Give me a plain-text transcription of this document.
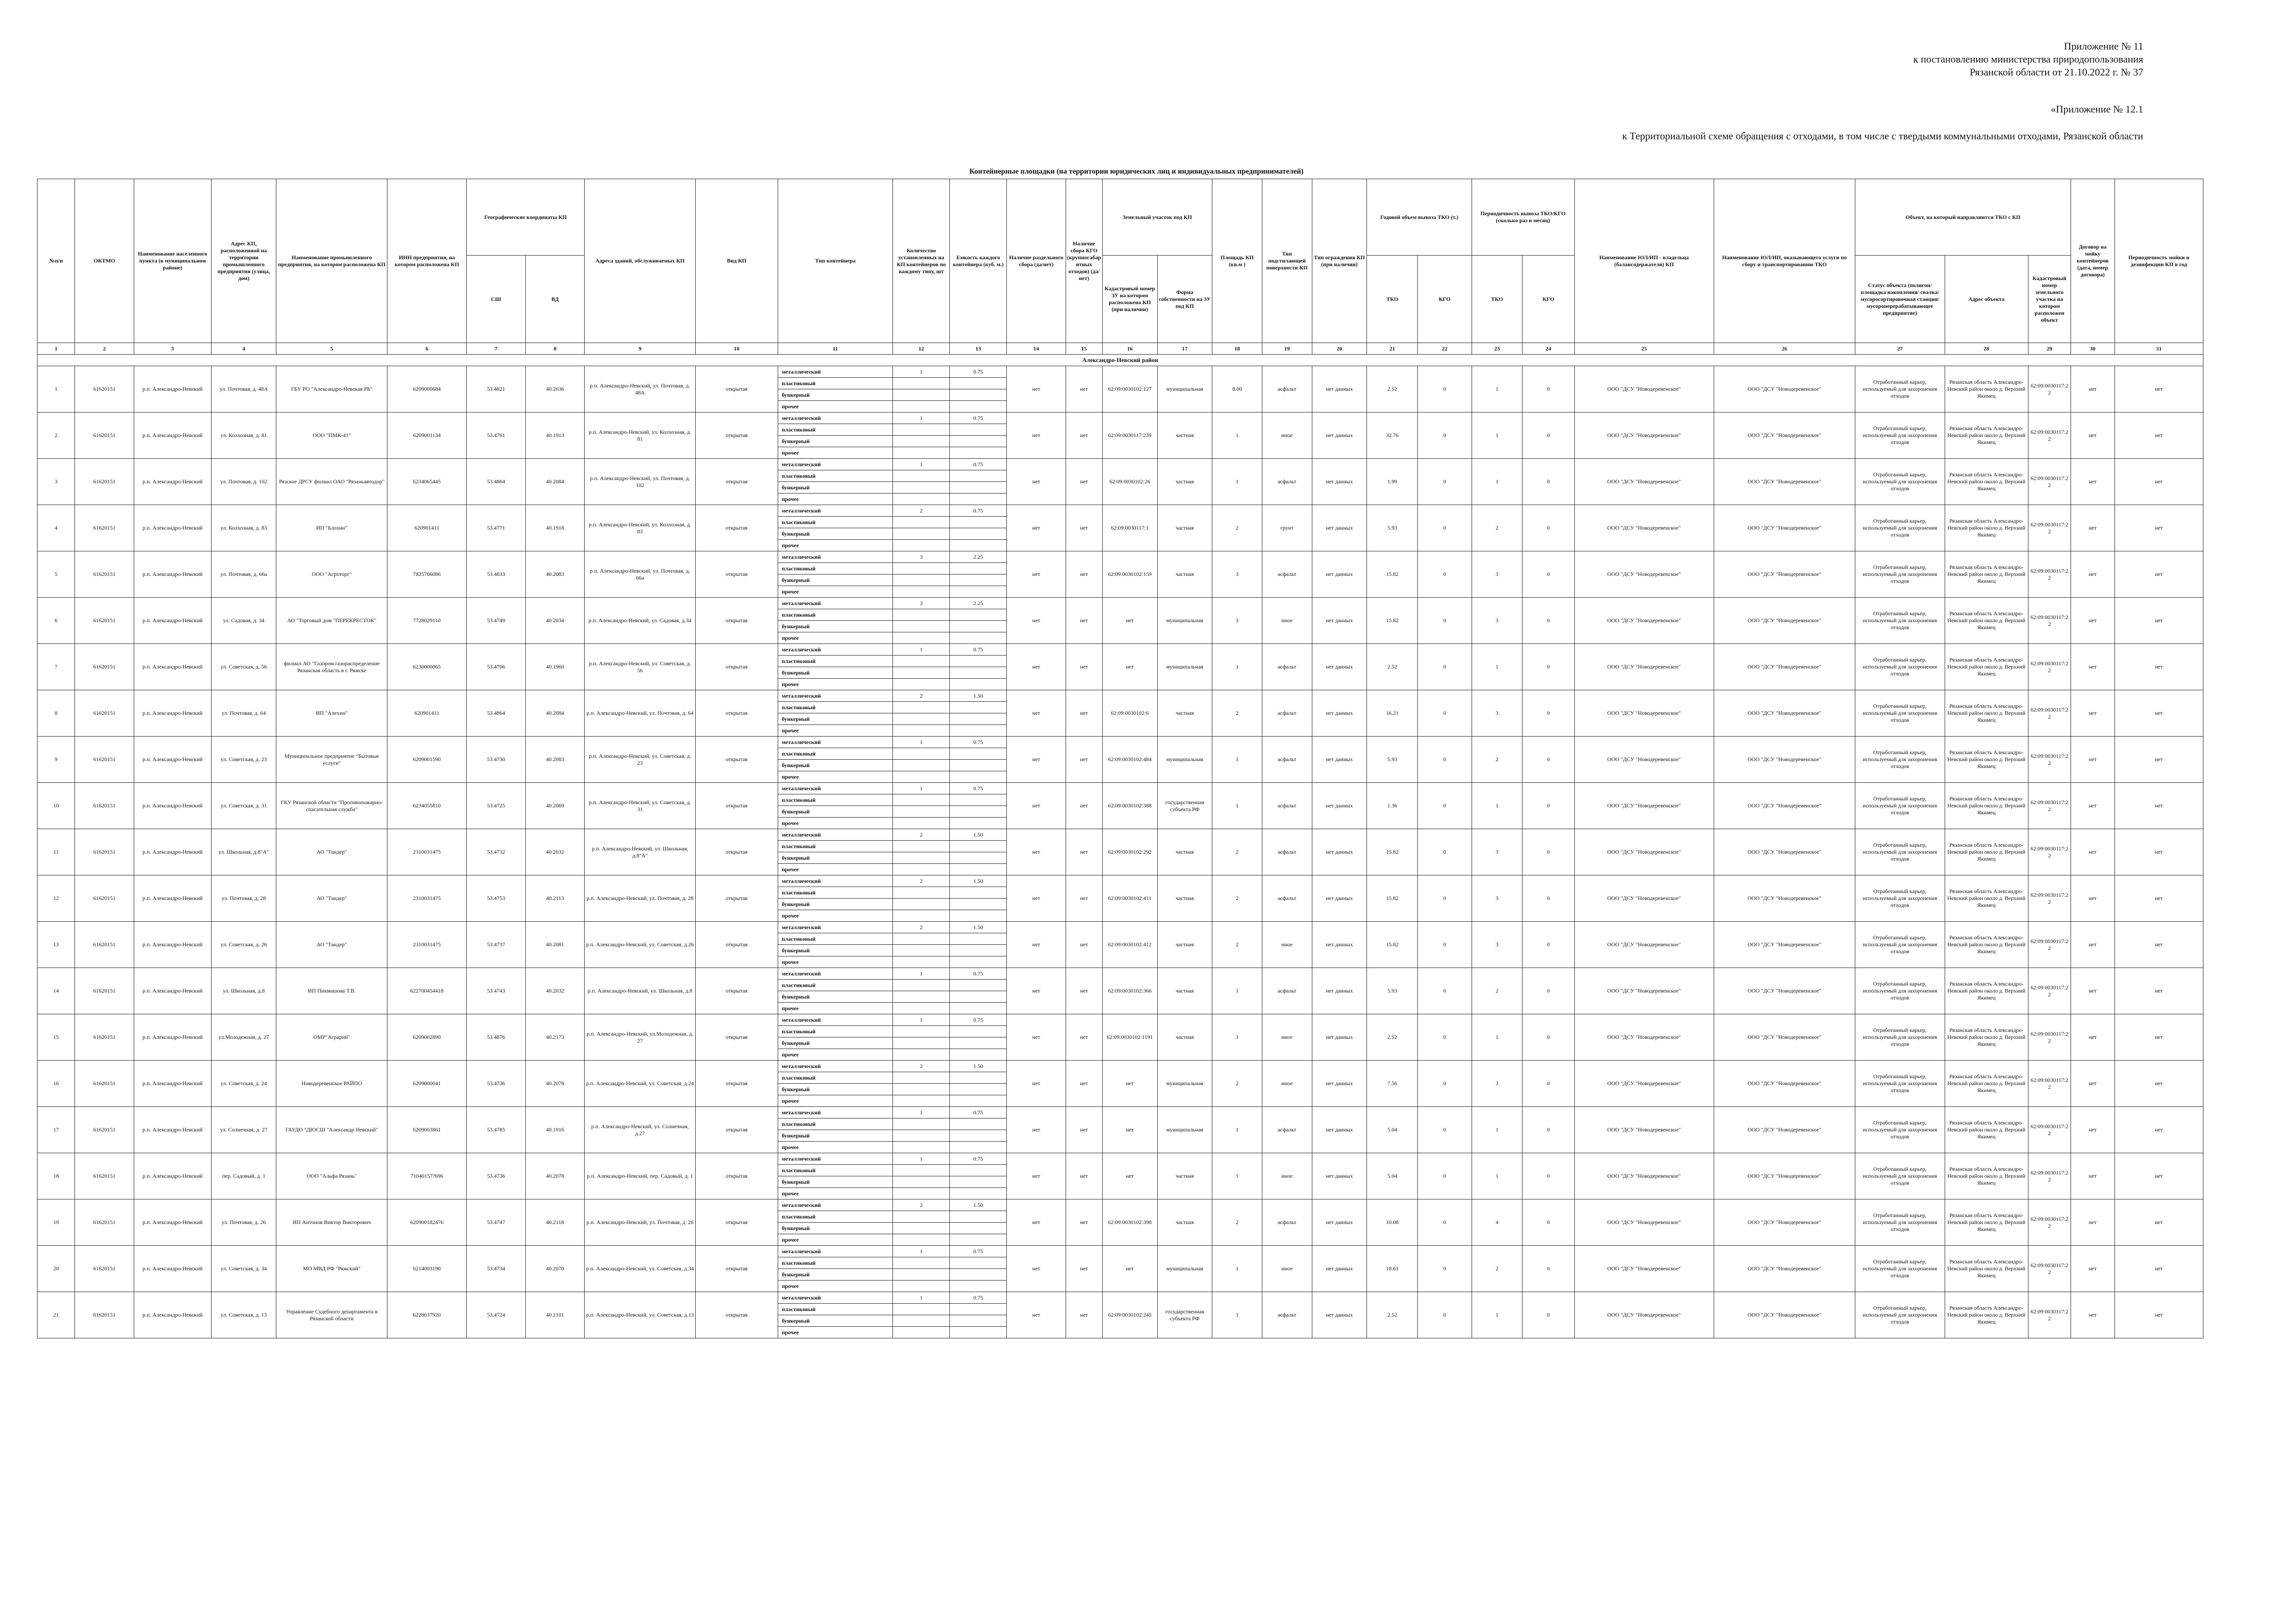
Приложение № 11
к постановлению министерства природопользования
Рязанской области от 21.10.2022 г. № 37
«Приложение № 12.1
к Территориальной схеме обращения с отходами, в том числе с твердыми коммунальными отходами, Рязанской области
Контейнерные площадки (на территории юридических лиц и индивидуальных предпринимателей)
№п/п	ОКТМО	Наименование населенного пункта (в муниципальном районе)	Адрес КП, расположенной на территории промышленного предприятия (улица, дом)	Наименование промышленного предприятия, на котором расположена КП	ИНН предприятия, на котором расположена КП	Географические координаты КП		Адреса зданий, обслуживаемых КП	Вид КП	Тип контейнера	Количество установленных на КП контейнеров по каждому типу, шт	Емкость каждого контейнера (куб. м.)	Наличие раздельного сбора (да/нет)	Наличие сбора КГО (крупногабаритных отходов) (да/нет)	Земельный участок под КП		Площадь КП (кв.м )	Тип подстилающей поверхности КП	Тип ограждения КП (при наличии)	Годовой объем вывоза ТКО (т.)		Периодичность вывоза ТКО/КГО (сколько раз в месяц)		Наименование ЮЛ/ИП - владельца (балансодержателя) КП	Наименование ЮЛ/ИП, оказывающего услуги по сбору и транспортированию ТКО	Объект, на который направляются ТКО с КП			Договор на мойку контейнеров (дата, номер договора)	Периодичность мойки и дезинфекции КП в год
						СШ	ВД								Кадастровый номер ЗУ на котором расположена КП (при наличии)	Форма собственности на ЗУ под КП				ТКО	КГО	ТКО	КГО			Статус объекта (полигон/ площадка накопления/ свалка/ мусоросортировочная станция/ мусороперерабатывающее предприятие)	Адрес объекта	Кадастровый номер земельного участка на котором расположен объект		
1	2	3	4	5	6	7	8	9	10	11	12	13	14	15	16	17	18	19	20	21	22	23	24	25	26	27	28	29	30	31
Александро-Невский район																														
1	61620151	р.п. Александро-Невский	ул. Почтовая, д. 48А	ГБУ РО "Александро-Невская РБ"	6209000684	53.4821	40.2036	р.п. Александро-Невский, ул. Почтовая, д. 48А	открытая	металлический	1	0.75	нет	нет	62:09:0030102:127	муниципальная	8.00	асфальт	нет данных	2.52	0	1	0	ООО "ДСУ "Новодеревенское"	ООО "ДСУ "Новодеревенское"	Отработанный карьер, используемый для захоронения отходов	Рязанская область Александро-Невский район около д. Верхний Якимец	62:09:0030117:22	нет	нет
										пластиковый																				
										бункерный																				
										прочее																				
2	61620151	р.п. Александро-Невский	ул. Колхозная, д. 81	ООО "ПМК-41"	6209001134	53.4761	40.1913	р.п. Александро-Невский, ул. Колхозная, д. 81	открытая	металлический	1	0.75	нет	нет	62:09:0030117:239	частная	1	иное	нет данных	32.76	0	1	0	ООО "ДСУ "Новодеревенское"	ООО "ДСУ "Новодеревенское"	Отработанный карьер, используемый для захоронения отходов	Рязанская область Александро-Невский район около д. Верхний Якимец	62:09:0030117:22	нет	нет
										пластиковый																				
										бункерный																				
										прочее																				
3	61620151	р.п. Александро-Невский	ул. Почтовая, д. 102	Рязское ДРСУ филиал ОАО "Рязаньавтодор"	6234065445	53.4864	40.2084	р.п. Александро-Невский, ул. Почтовая, д. 102	открытая	металлический	1	0.75	нет	нет	62:09:0030102:26	частная	1	асфальт	нет данных	1.99	0	1	0	ООО "ДСУ "Новодеревенское"	ООО "ДСУ "Новодеревенское"	Отработанный карьер, используемый для захоронения отходов	Рязанская область Александро-Невский район около д. Верхний Якимец	62:09:0030117:22	нет	нет
										пластиковый																				
										бункерный																				
										прочее																				
4	61620151	р.п. Александро-Невский	ул. Колхозная, д. 83	ИП "Блохин"	620901411	53.4771	40.1918	р.п. Александро-Невский, ул. Колхозная, д. 83	открытая	металлический	2	0.75	нет	нет	62:09:0030117:1	частная	2	грунт	нет данных	5.93	0	2	0	ООО "ДСУ "Новодеревенское"	ООО "ДСУ "Новодеревенское"	Отработанный карьер, используемый для захоронения отходов	Рязанская область Александро-Невский район около д. Верхний Якимец	62:09:0030117:22	нет	нет
										пластиковый																				
										бункерный																				
										прочее																				
5	61620151	р.п. Александро-Невский	ул. Почтовая, д. 66а	ООО "Агроторг"	7825706086	53.4833	40.2083	р.п. Александро-Невский, ул. Почтовая, д. 66а	открытая	металлический	3	2.25	нет	нет	62:09:0030102:159	частная	3	асфальт	нет данных	15.82	0	3	0	ООО "ДСУ "Новодеревенское"	ООО "ДСУ "Новодеревенское"	Отработанный карьер, используемый для захоронения отходов	Рязанская область Александро-Невский район около д. Верхний Якимец	62:09:0030117:22	нет	нет
										пластиковый																				
										бункерный																				
										прочее																				
6	61620151	р.п. Александро-Невский	ул. Садовая, д. 34	АО "Торговый дом "ПЕРЕКРЕСТОК"	7728029110	53.4749	40.2034	р.п. Александро-Невский, ул. Садовая, д.34	открытая	металлический	3	2.25	нет	нет	нет	муниципальная	3	иное	нет данных	15.82	0	3	0	ООО "ДСУ "Новодеревенское"	ООО "ДСУ "Новодеревенское"	Отработанный карьер, используемый для захоронения отходов	Рязанская область Александро-Невский район около д. Верхний Якимец	62:09:0030117:22	нет	нет
										пластиковый																				
										бункерный																				
										прочее																				
7	61620151	р.п. Александро-Невский	ул. Советская, д. 56	филиал АО "Газпром газораспределение Рязанская область в г. Ряжске	6230000065	53.4706	40.1960	р.п. Александро-Невский, ул. Советская, д. 56	открытая	металлический	1	0.75	нет	нет	нет	муниципальная	1	асфальт	нет данных	2.52	0	1	0	ООО "ДСУ "Новодеревенское"	ООО "ДСУ "Новодеревенское"	Отработанный карьер, используемый для захоронения отходов	Рязанская область Александро-Невский район около д. Верхний Якимец	62:09:0030117:22	нет	нет
										пластиковый																				
										бункерный																				
										прочее																				
8	61620151	р.п. Александро-Невский	ул. Почтовая, д. 64	ИП "Алехин"	620901411	53.4864	40.2084	р.п. Александро-Невский, ул. Почтовая, д. 64	открытая	металлический	2	1.50	нет	нет	62:09:0030102:6	частная	2	асфальт	нет данных	16.21	0	3	0	ООО "ДСУ "Новодеревенское"	ООО "ДСУ "Новодеревенское"	Отработанный карьер, используемый для захоронения отходов	Рязанская область Александро-Невский район около д. Верхний Якимец	62:09:0030117:22	нет	нет
										пластиковый																				
										бункерный																				
										прочее																				
9	61620151	р.п. Александро-Невский	ул. Советская, д. 23	Муниципальное предприятие "Бытовые услуги"	6209001590	53.4730	40.2083	р.п. Александро-Невский, ул. Советская, д. 23	открытая	металлический	1	0.75	нет	нет	62:09:0030102:484	муниципальная	1	асфальт	нет данных	5.93	0	2	0	ООО "ДСУ "Новодеревенское"	ООО "ДСУ "Новодеревенское"	Отработанный карьер, используемый для захоронения отходов	Рязанская область Александро-Невский район около д. Верхний Якимец	62:09:0030117:22	нет	нет
										пластиковый																				
										бункерный																				
										прочее																				
10	61620151	р.п. Александро-Невский	ул. Советская, д. 31	ГКУ Рязанской области "Противопожарно-спасательная служба"	6234055810	53.4725	40.2069	р.п. Александро-Невский, ул. Советская, д. 31	открытая	металлический	1	0.75	нет	нет	62:09:0030102:388	государственная субъекта РФ	1	асфальт	нет данных	1.36	0	1	0	ООО "ДСУ "Новодеревенское"	ООО "ДСУ "Новодеревенское"	Отработанный карьер, используемый для захоронения отходов	Рязанская область Александро-Невский район около д. Верхний Якимец	62:09:0030117:22	нет	нет
										пластиковый																				
										бункерный																				
										прочее																				
11	61620151	р.п. Александро-Невский	ул. Школьная, д.8"А"	АО "Тандер"	2310031475	53.4732	40.2032	р.п. Александро-Невский, ул. Школьная, д.8"А"	открытая	металлический	2	1.50	нет	нет	62:09:0030102:292	частная	2	асфальт	нет данных	15.82	0	3	0	ООО "ДСУ "Новодеревенское"	ООО "ДСУ "Новодеревенское"	Отработанный карьер, используемый для захоронения отходов	Рязанская область Александро-Невский район около д. Верхний Якимец	62:09:0030117:22	нет	нет
										пластиковый																				
										бункерный																				
										прочее																				
12	61620151	р.п. Александро-Невский	ул. Почтовая, д. 28	АО "Тандер"	2310031475	53.4753	40.2113	р.п. Александро-Невский, ул. Почтовая, д. 28	открытая	металлический	2	1.50	нет	нет	62:09:0030102:411	частная	2	асфальт	нет данных	15.82	0	3	0	ООО "ДСУ "Новодеревенское"	ООО "ДСУ "Новодеревенское"	Отработанный карьер, используемый для захоронения отходов	Рязанская область Александро-Невский район около д. Верхний Якимец	62:09:0030117:22	нет	нет
										пластиковый																				
										бункерный																				
										прочее																				
13	61620151	р.п. Александро-Невский	ул. Советская, д. 26	АО "Тандер"	2310031475	53.4737	40.2081	р.п. Александро-Невский, ул. Советская, д.26	открытая	металлический	2	1.50	нет	нет	62:09:0030102:412	частная	2	иное	нет данных	15.82	0	3	0	ООО "ДСУ "Новодеревенское"	ООО "ДСУ "Новодеревенское"	Отработанный карьер, используемый для захоронения отходов	Рязанская область Александро-Невский район около д. Верхний Якимец	62:09:0030117:22	нет	нет
										пластиковый																				
										бункерный																				
										прочее																				
14	61620151	р.п. Александро-Невский	ул. Школьная, д.8	ИП Пикмашова Т.В.	622700454418	53.4743	40.2032	р.п. Александро-Невский, ул. Школьная, д.8	открытая	металлический	1	0.75	нет	нет	62:09:0030102:366	частная	1	асфальт	нет данных	5.93	0	2	0	ООО "ДСУ "Новодеревенское"	ООО "ДСУ "Новодеревенское"	Отработанный карьер, используемый для захоронения отходов	Рязанская область Александро-Невский район около д. Верхний Якимец	62:09:0030117:22	нет	нет
										пластиковый																				
										бункерный																				
										прочее																				
15	61620151	р.п. Александро-Невский	ул.Молодежная, д. 27	ОМР"Аграрий"	6209002890	53.4876	40.2173	р.п. Александро-Невский, ул.Молодежная, д. 27	открытая	металлический	1	0.75	нет	нет	62:09:0030102:1191	частная	1	иное	нет данных	2.52	0	1	0	ООО "ДСУ "Новодеревенское"	ООО "ДСУ "Новодеревенское"	Отработанный карьер, используемый для захоронения отходов	Рязанская область Александро-Невский район около д. Верхний Якимец	62:09:0030117:22	нет	нет
										пластиковый																				
										бункерный																				
										прочее																				
16	61620151	р.п. Александро-Невский	ул. Советская, д. 24	Новодеревенское РАЙПО	6209000041	53.4736	40.2078	р.п. Александро-Невский, ул. Советская, д.24	открытая	металлический	2	1.50	нет	нет	нет	муниципальная	2	иное	нет данных	7.56	0	3	0	ООО "ДСУ "Новодеревенское"	ООО "ДСУ "Новодеревенское"	Отработанный карьер, используемый для захоронения отходов	Рязанская область Александро-Невский район около д. Верхний Якимец	62:09:0030117:22	нет	нет
										пластиковый																				
										бункерный																				
										прочее																				
17	61620151	р.п. Александро-Невский	ул. Солнечная, д. 27	ГАУДО "ДЮСШ "Александр Невский"	6209003861	53.4785	40.1916	р.п. Александро-Невский, ул. Солнечная, д.27	открытая	металлический	1	0.75	нет	нет	нет	муниципальная	1	асфальт	нет данных	5.04	0	1	0	ООО "ДСУ "Новодеревенское"	ООО "ДСУ "Новодеревенское"	Отработанный карьер, используемый для захоронения отходов	Рязанская область Александро-Невский район около д. Верхний Якимец	62:09:0030117:22	нет	нет
										пластиковый																				
										бункерный																				
										прочее																				
18	61620151	р.п. Александро-Невский	пер. Садовый, д. 1	ООО "Альфа Рязань"	7104015??696	53.4736	40.2078	р.п. Александро-Невский, пер. Садовый, д. 1	открытая	металлический	1	0.75	нет	нет	нет	частная	1	иное	нет данных	5.04	0	1	0	ООО "ДСУ "Новодеревенское"	ООО "ДСУ "Новодеревенское"	Отработанный карьер, используемый для захоронения отходов	Рязанская область Александро-Невский район около д. Верхний Якимец	62:09:0030117:22	нет	нет
										пластиковый																				
										бункерный																				
										прочее																				
19	61620151	р.п. Александро-Невский	ул. Почтовая, д. 26	ИП Антонов Виктор Викторович	620900182476	53.4747	40.2118	р.п. Александро-Невский, ул. Почтовая, д. 26	открытая	металлический	2	1.50	нет	нет	62:09:0030102:398	частная	2	асфальт	нет данных	10.08	0	4	0	ООО "ДСУ "Новодеревенское"	ООО "ДСУ "Новодеревенское"	Отработанный карьер, используемый для захоронения отходов	Рязанская область Александро-Невский район около д. Верхний Якимец	62:09:0030117:22	нет	нет
										пластиковый																				
										бункерный																				
										прочее																				
20	61620151	р.п. Александро-Невский	ул. Советская, д. 34	МО МВД РФ "Ряжский"	6214003190	53.4734	40.2070	р.п. Александро-Невский, ул. Советская, д.34	открытая	металлический	1	0.75	нет	нет	нет	муниципальная	1	иное	нет данных	18.61	0	2	0	ООО "ДСУ "Новодеревенское"	ООО "ДСУ "Новодеревенское"	Отработанный карьер, используемый для захоронения отходов	Рязанская область Александро-Невский район около д. Верхний Якимец	62:09:0030117:22	нет	нет
										пластиковый																				
										бункерный																				
										прочее																				
21	61620151	р.п. Александро-Невский	ул. Советская, д. 13	Управление Судебного департамента в Рязанской области	6228037920	53.4724	40.2101	р.п. Александро-Невский, ул. Советская, д.13	открытая	металлический	1	0.75	нет	нет	62:09:0030102:245	государственная субъекта РФ	1	асфальт	нет данных	2.52	0	1	0	ООО "ДСУ "Новодеревенское"	ООО "ДСУ "Новодеревенское"	Отработанный карьер, используемый для захоронения отходов	Рязанская область Александро-Невский район около д. Верхний Якимец	62:09:0030117:22	нет	нет
										пластиковый																				
										бункерный																				
										прочее																				
